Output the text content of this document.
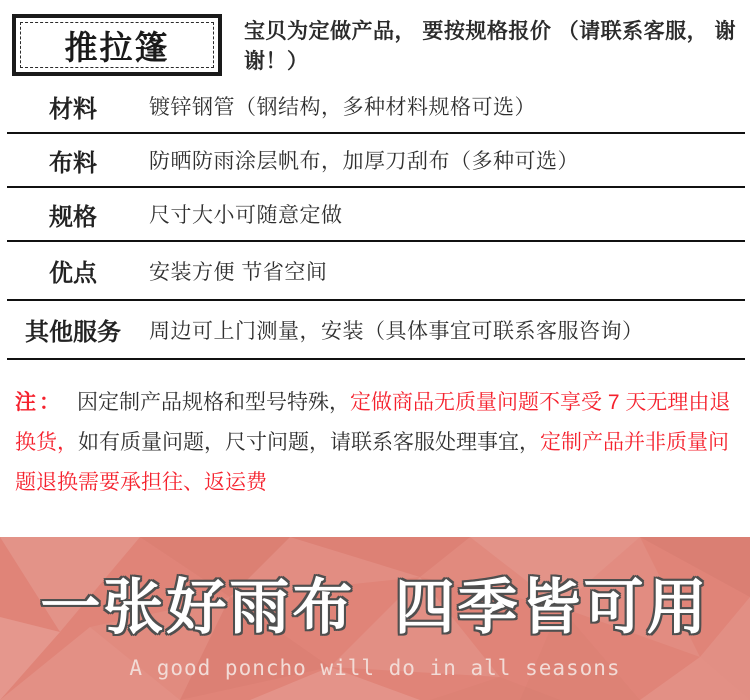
推拉篷	宝贝为定做产品， 要按规格报价 （请联系客服， 谢谢！）
材料	镀锌钢管（钢结构，多种材料规格可选）
布料	防晒防雨涂层帆布，加厚刀刮布（多种可选）
规格	尺寸大小可随意定做
优点	安装方便 节省空间
其他服务	周边可上门测量，安装（具体事宜可联系客服咨询）

注： 因定制产品规格和型号特殊，定做商品无质量问题不享受 7 天无理由退换货，如有质量问题，尺寸问题，请联系客服处理事宜，定制产品并非质量问题退换需要承担往、返运费

一张好雨布  四季皆可用
A good poncho will do in all seasons
